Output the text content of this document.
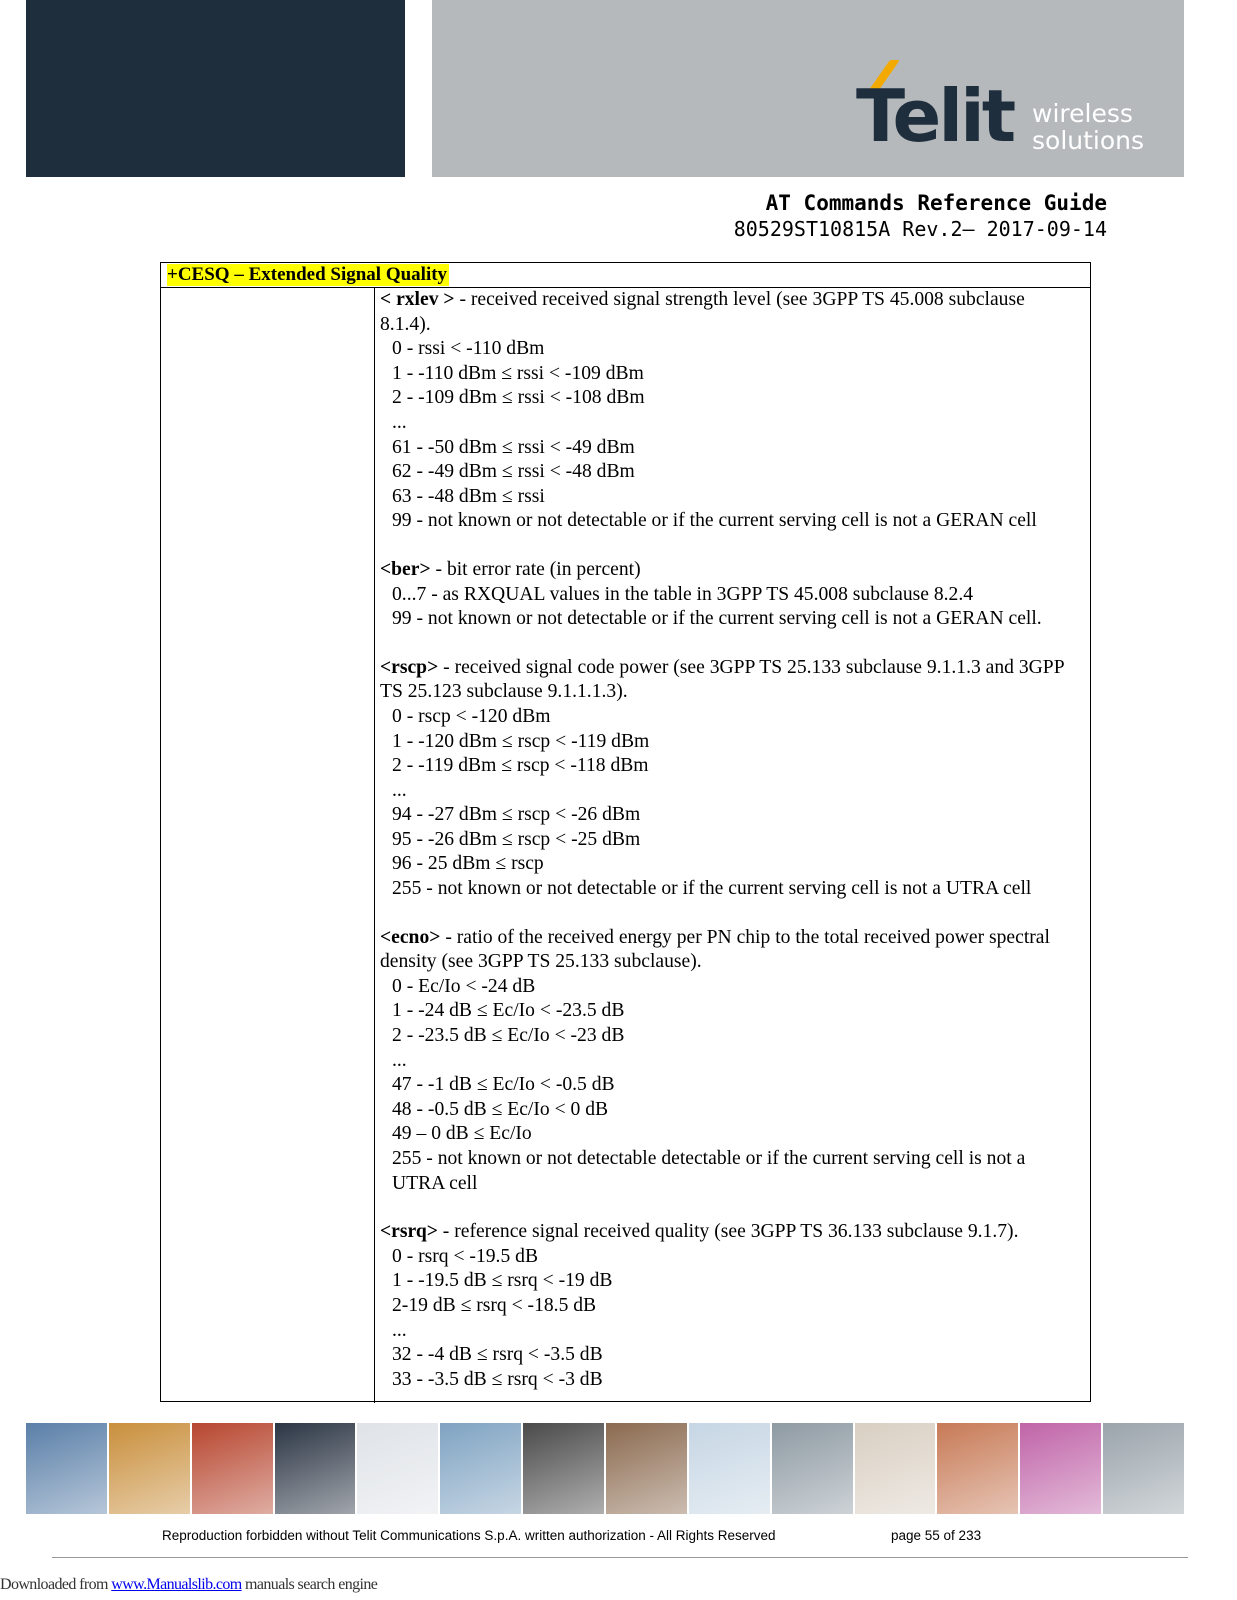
Telit wireless
solutions
AT Commands Reference Guide
80529ST10815A Rev.2– 2017-09-14
+CESQ – Extended Signal Quality
< rxlev > - received received signal strength level (see 3GPP TS 45.008 subclause 8.1.4).
0 - rssi < -110 dBm
1 - -110 dBm ≤ rssi < -109 dBm
2 - -109 dBm ≤ rssi < -108 dBm
...
61 - -50 dBm ≤ rssi < -49 dBm
62 - -49 dBm ≤ rssi < -48 dBm
63 - -48 dBm ≤ rssi
99 - not known or not detectable or if the current serving cell is not a GERAN cell
<ber> - bit error rate (in percent)
0...7 - as RXQUAL values in the table in 3GPP TS 45.008 subclause 8.2.4
99 - not known or not detectable or if the current serving cell is not a GERAN cell.
<rscp> - received signal code power (see 3GPP TS 25.133 subclause 9.1.1.3 and 3GPP TS 25.123 subclause 9.1.1.1.3).
0 - rscp < -120 dBm
1 - -120 dBm ≤ rscp < -119 dBm
2 - -119 dBm ≤ rscp < -118 dBm
...
94 - -27 dBm ≤ rscp < -26 dBm
95 - -26 dBm ≤ rscp < -25 dBm
96 - 25 dBm ≤ rscp
255 - not known or not detectable or if the current serving cell is not a UTRA cell
<ecno> - ratio of the received energy per PN chip to the total received power spectral density (see 3GPP TS 25.133 subclause).
0 - Ec/Io < -24 dB
1 - -24 dB ≤ Ec/Io < -23.5 dB
2 - -23.5 dB ≤ Ec/Io < -23 dB
...
47 - -1 dB ≤ Ec/Io < -0.5 dB
48 - -0.5 dB ≤ Ec/Io < 0 dB
49 – 0 dB ≤ Ec/Io
255 - not known or not detectable detectable or if the current serving cell is not a UTRA cell
<rsrq> - reference signal received quality (see 3GPP TS 36.133 subclause 9.1.7).
0 - rsrq < -19.5 dB
1 - -19.5 dB ≤ rsrq < -19 dB
2-19 dB ≤ rsrq < -18.5 dB
...
32 - -4 dB ≤ rsrq < -3.5 dB
33 - -3.5 dB ≤ rsrq < -3 dB
Reproduction forbidden without Telit Communications S.p.A. written authorization - All Rights Reserved	page 55 of 233
Downloaded from www.Manualslib.com manuals search engine
